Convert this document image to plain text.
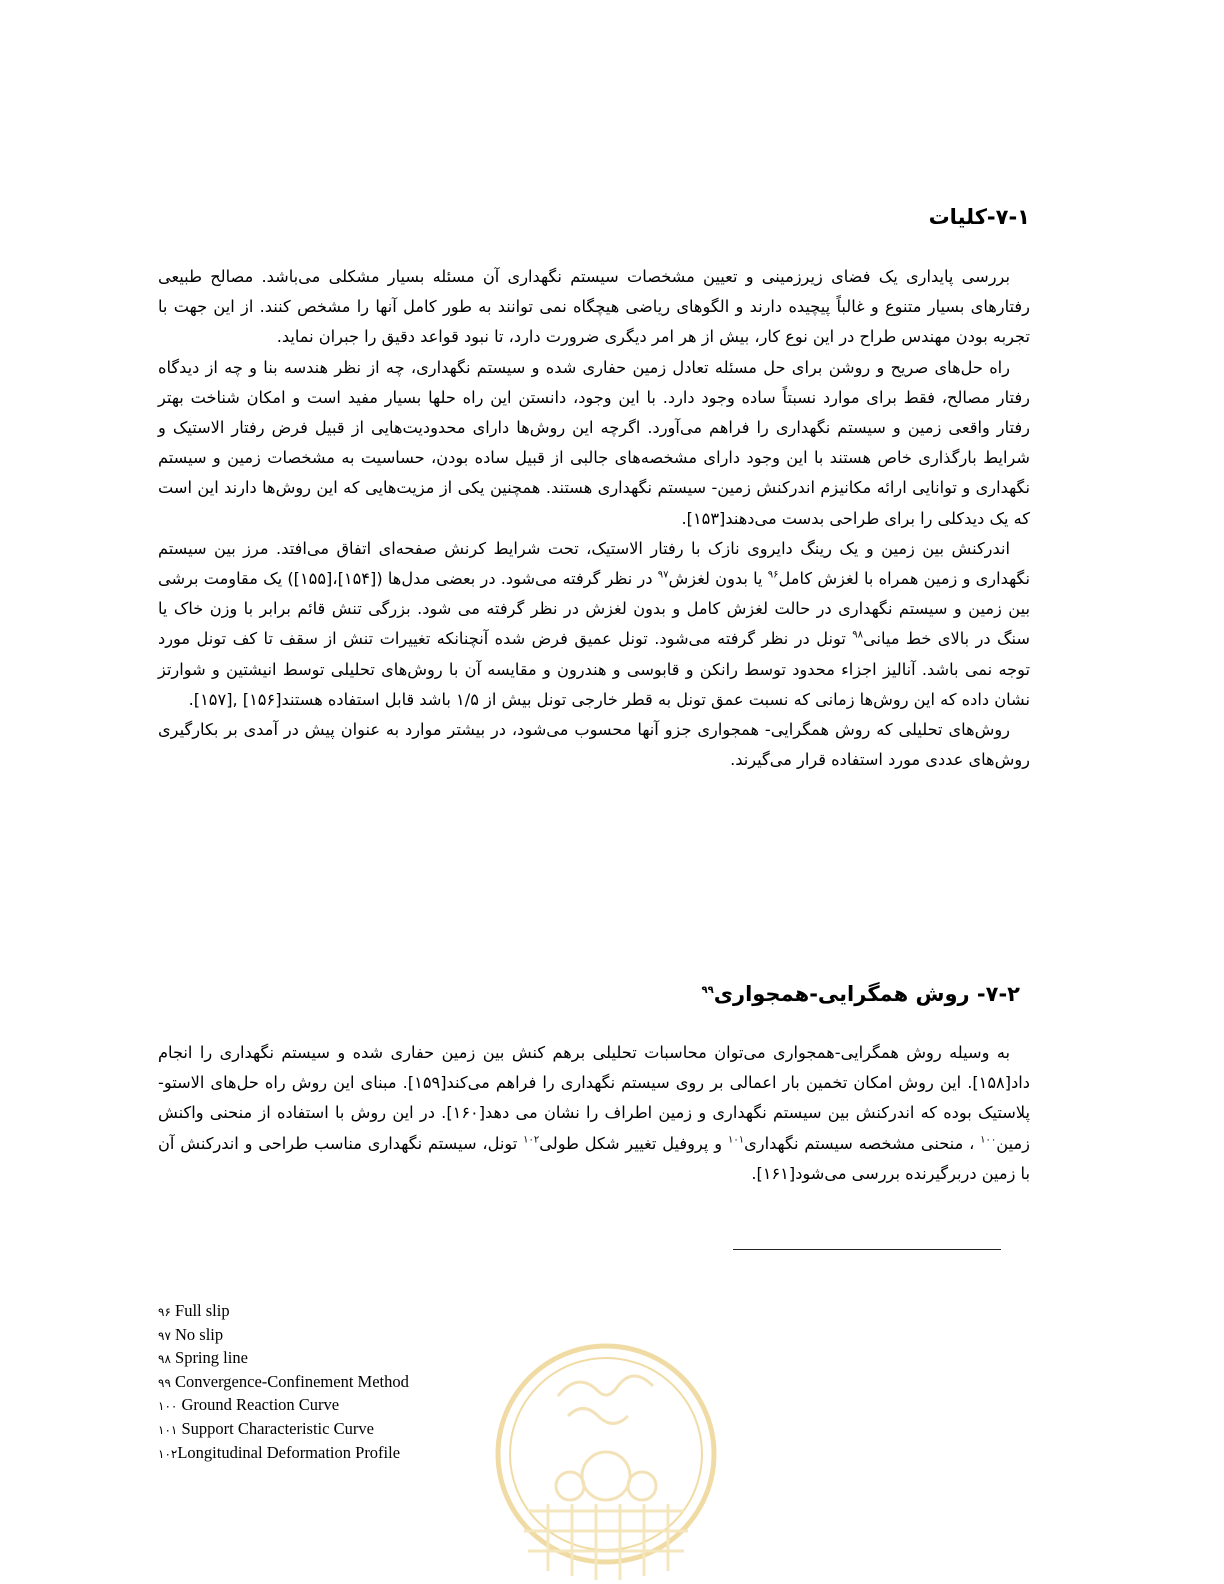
۷-۱-کلیات

بررسی پایداری یک فضای زیرزمینی و تعیین مشخصات سیستم نگهداری آن مسئله بسیار مشکلی می‌باشد. مصالح طبیعی رفتارهای بسیار متنوع و غالباً پیچیده دارند و الگوهای ریاضی هیچگاه نمی توانند به طور کامل آنها را مشخص کنند. از این جهت با تجربه بودن مهندس طراح در این نوع کار، بیش از هر امر دیگری ضرورت دارد، تا نبود قواعد دقیق را جبران نماید.

راه حل‌های صریح و روشن برای حل مسئله تعادل زمین حفاری شده و سیستم نگهداری، چه از نظر هندسه بنا و چه از دیدگاه رفتار مصالح، فقط برای موارد نسبتاً ساده وجود دارد. با این وجود، دانستن این راه حلها بسیار مفید است و امکان شناخت بهتر رفتار واقعی زمین و سیستم نگهداری را فراهم می‌آورد. اگرچه این روش‌ها دارای محدودیت‌هایی از قبیل فرض رفتار الاستیک و شرایط بارگذاری خاص هستند با این وجود دارای مشخصه‌های جالبی از قبیل ساده بودن، حساسیت به مشخصات زمین و سیستم نگهداری و توانایی ارائه مکانیزم اندرکنش زمین- سیستم نگهداری هستند. همچنین یکی از مزیت‌هایی که این روش‌ها دارند این است که یک دیدکلی را برای طراحی بدست می‌دهند[۱۵۳].

اندرکنش بین زمین و یک رینگ دایروی نازک با رفتار الاستیک، تحت شرایط کرنش صفحه‌ای اتفاق می‌افتد. مرز بین سیستم نگهداری و زمین همراه با لغزش کامل$^{۹۶}$ یا بدون لغزش$^{۹۷}$ در نظر گرفته می‌شود. در بعضی مدل‌ها ([۱۵۴]،[۱۵۵]) یک مقاومت برشی بین زمین و سیستم نگهداری در حالت لغزش کامل و بدون لغزش در نظر گرفته می شود. بزرگی تنش قائم برابر با وزن خاک یا سنگ در بالای خط میانی$^{۹۸}$ تونل در نظر گرفته می‌شود. تونل عمیق فرض شده آنچنانکه تغییرات تنش از سقف تا کف تونل مورد توجه نمی باشد. آنالیز اجزاء محدود توسط رانکن و قابوسی و هندرون و مقایسه آن با روش‌های تحلیلی توسط انیشتین و شوارتز نشان داده که این روش‌ها زمانی که نسبت عمق تونل به قطر خارجی تونل بیش از ۱/۵ باشد قابل استفاده هستند[۱۵۶] ,[۱۵۷].

روش‌های تحلیلی که روش همگرایی- همجواری جزو آنها محسوب می‌شود، در بیشتر موارد به عنوان پیش در آمدی بر بکارگیری روش‌های عددی مورد استفاده قرار می‌گیرند.

۷-۲- روش همگرایی-همجواری$^{۹۹}$

به وسیله روش همگرایی-همجواری می‌توان محاسبات تحلیلی برهم کنش بین زمین حفاری شده و سیستم نگهداری را انجام داد[۱۵۸]. این روش امکان تخمین بار اعمالی بر روی سیستم نگهداری را فراهم می‌کند[۱۵۹]. مبنای این روش راه حل‌های الاستو- پلاستیک بوده که اندرکنش بین سیستم نگهداری و زمین اطراف را نشان می دهد[۱۶۰]. در این روش با استفاده از منحنی واکنش زمین$^{۱۰۰}$ ، منحنی مشخصه سیستم نگهداری$^{۱۰۱}$ و پروفیل تغییر شکل طولی$^{۱۰۲}$ تونل، سیستم نگهداری مناسب طراحی و اندرکنش آن با زمین دربرگیرنده بررسی می‌شود[۱۶۱].

۹۶ Full slip
۹۷ No slip
۹۸ Spring line
۹۹ Convergence-Confinement Method
۱۰۰ Ground Reaction Curve
۱۰۱ Support Characteristic Curve
۱۰۲Longitudinal Deformation Profile
